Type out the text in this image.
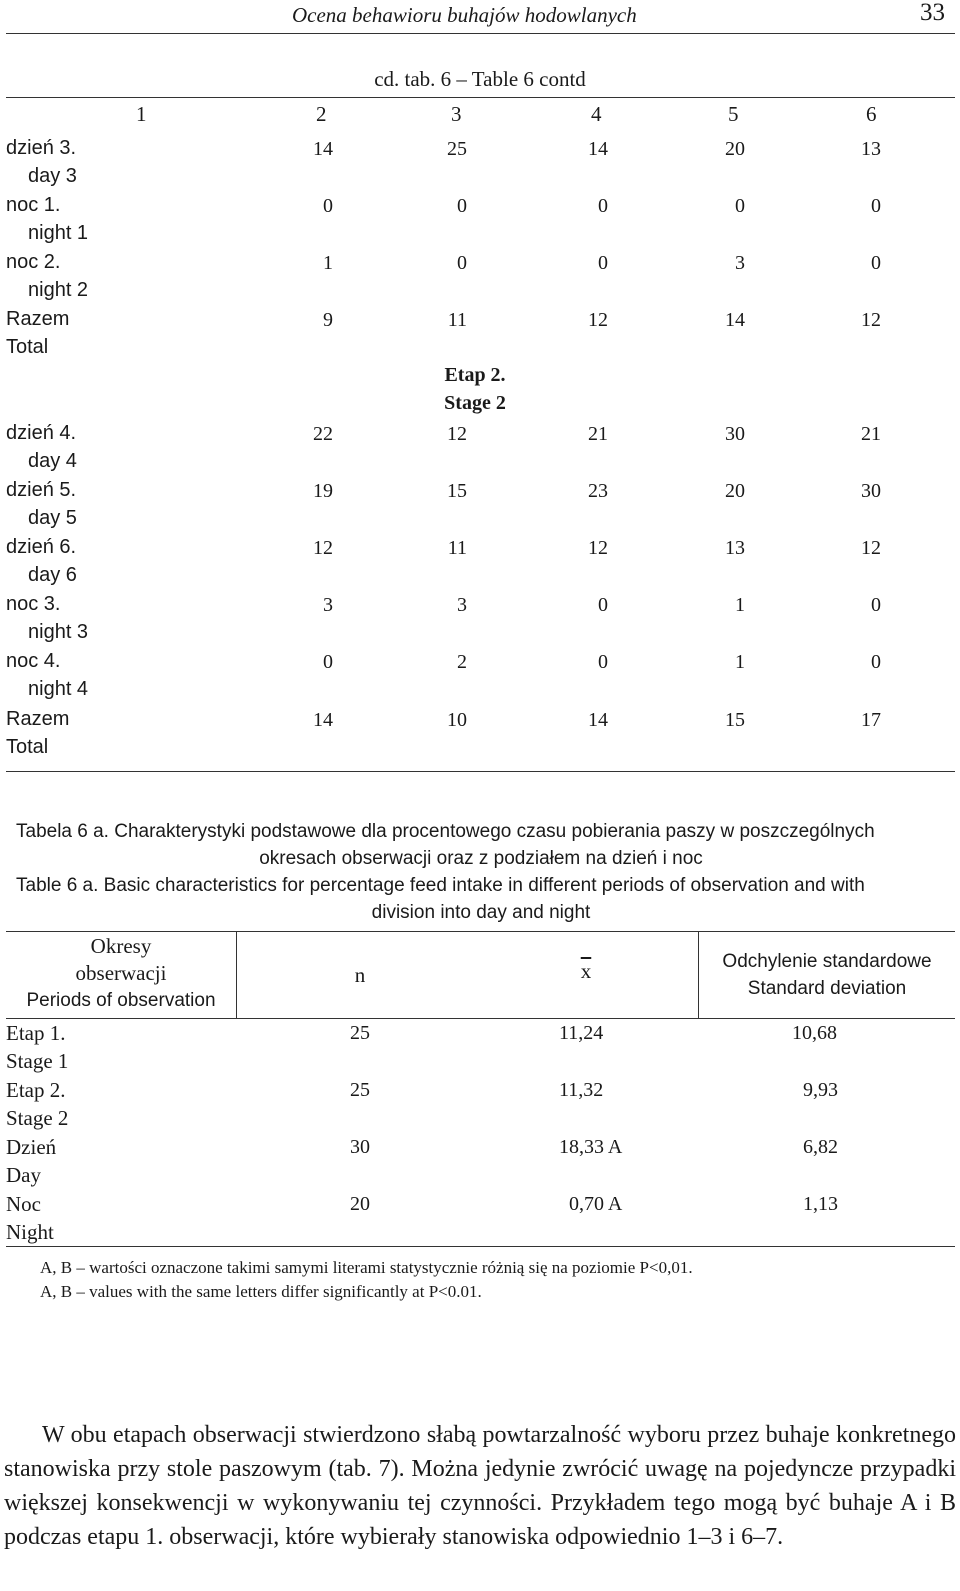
Ocena behawioru buhajów hodowlanych	33
cd. tab. 6 – Table 6 contd
1	2	3	4	5	6
dzień 3.
day 3
14	25	14	20	13
noc 1.
night 1
0	0	0	0	0
noc 2.
night 2
1	0	0	3	0
Razem
Total
9	11	12	14	12
Etap 2.
Stage 2
dzień 4.
day 4
22	12	21	30	21
dzień 5.
day 5
19	15	23	20	30
dzień 6.
day 6
12	11	12	13	12
noc 3.
night 3
3	3	0	1	0
noc 4.
night 4
0	2	0	1	0
Razem
Total
14	10	14	15	17
Tabela 6 a. Charakterystyki podstawowe dla procentowego czasu pobierania paszy w poszczególnych
okresach obserwacji oraz z podziałem na dzień i noc
Table 6 a. Basic characteristics for percentage feed intake in different periods of observation and with
division into day and night
Okresy
obserwacji
Periods of observation
n	$\overline{x}$	Odchylenie standardowe
Standard deviation
Etap 1.
Stage 1
25	11,24	10,68
Etap 2.
Stage 2
25	11,32	9,93
Dzień
Day
30	18,33 A	6,82
Noc
Night
20	0,70 A	1,13
A, B – wartości oznaczone takimi samymi literami statystycznie różnią się na poziomie P<0,01.
A, B – values with the same letters differ significantly at P<0.01.

W obu etapach obserwacji stwierdzono słabą powtarzalność wyboru przez buhaje konkretnego stanowiska przy stole paszowym (tab. 7). Można jedynie zwrócić uwagę na pojedyncze przypadki większej konsekwencji w wykonywaniu tej czynności. Przykładem tego mogą być buhaje A i B podczas etapu 1. obserwacji, które wybierały stanowiska odpowiednio 1–3 i 6–7.
